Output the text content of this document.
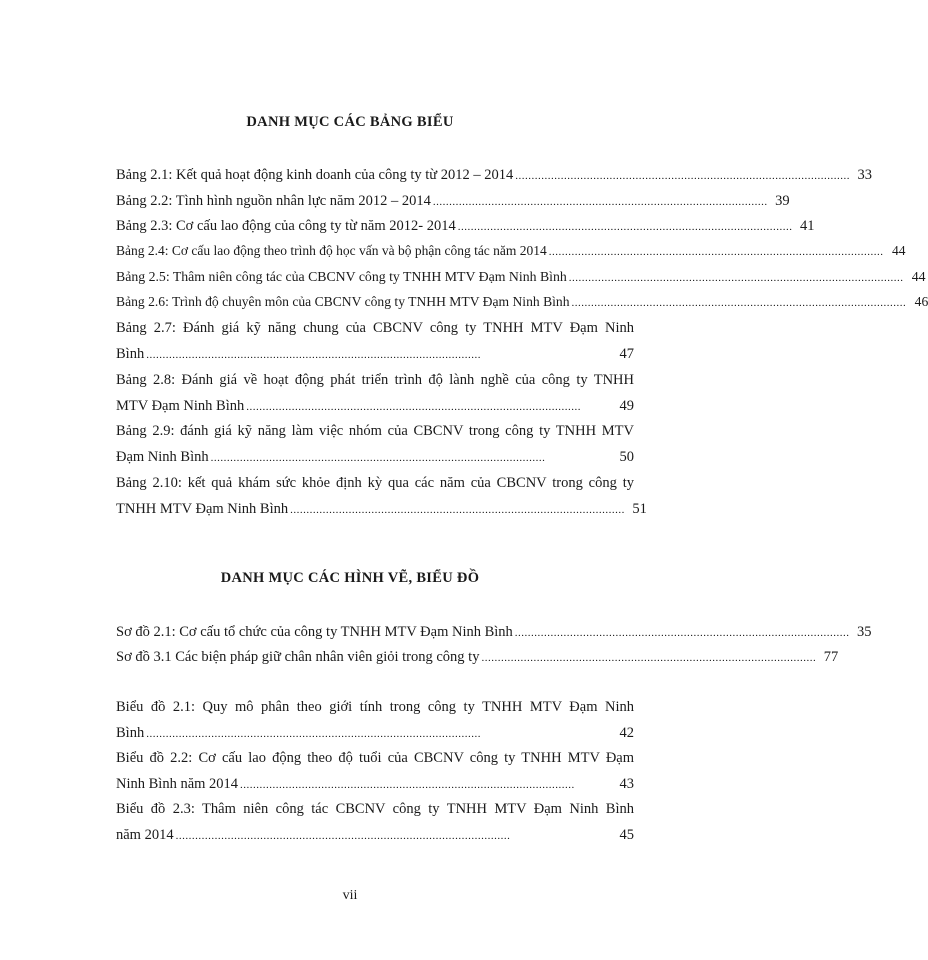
DANH MỤC CÁC BẢNG BIỂU
Bảng 2.1: Kết quả hoạt động kinh doanh của công ty từ 2012 – 2014 ....................................................................................................... 33
Bảng 2.2: Tình hình nguồn nhân lực năm 2012 – 2014 ....................................................................................................... 39
Bảng 2.3: Cơ cấu lao động của công ty từ năm 2012- 2014 ....................................................................................................... 41
Bảng 2.4: Cơ cấu lao động theo trình độ học vấn và bộ phận công tác năm 2014 ....................................................................................................... 44
Bảng 2.5: Thâm niên công tác của CBCNV công ty TNHH MTV Đạm Ninh Bình ....................................................................................................... 44
Bảng 2.6: Trình độ chuyên môn của CBCNV công ty TNHH MTV Đạm Ninh Bình ....................................................................................................... 46
Bảng 2.7: Đánh giá kỹ năng chung của CBCNV công ty TNHH MTV Đạm Ninh
Bình .......................................................................................................	47
Bảng 2.8: Đánh giá về hoạt động phát triển trình độ lành nghề của công ty TNHH
MTV Đạm Ninh Bình .......................................................................................................	49
Bảng 2.9: đánh giá kỹ năng làm việc nhóm của CBCNV trong công ty TNHH MTV
Đạm Ninh Bình .......................................................................................................	50
Bảng 2.10: kết quả khám sức khỏe định kỳ qua các năm của CBCNV trong công ty
TNHH MTV Đạm Ninh Bình ....................................................................................................... 51
DANH MỤC CÁC HÌNH VẼ, BIỂU ĐỒ
Sơ đồ 2.1: Cơ cấu tổ chức của công ty TNHH MTV Đạm Ninh Bình ....................................................................................................... 35
Sơ đồ 3.1 Các biện pháp giữ chân nhân viên giỏi trong công ty ....................................................................................................... 77
Biểu đồ 2.1: Quy mô phân theo giới tính trong công ty TNHH MTV Đạm Ninh
Bình .......................................................................................................	42
Biểu đồ 2.2: Cơ cấu lao động theo độ tuổi của CBCNV công ty TNHH MTV Đạm
Ninh Bình năm 2014 .......................................................................................................	43
Biểu đồ 2.3: Thâm niên công tác CBCNV công ty TNHH MTV Đạm Ninh Bình
năm 2014 .......................................................................................................	45
vii
